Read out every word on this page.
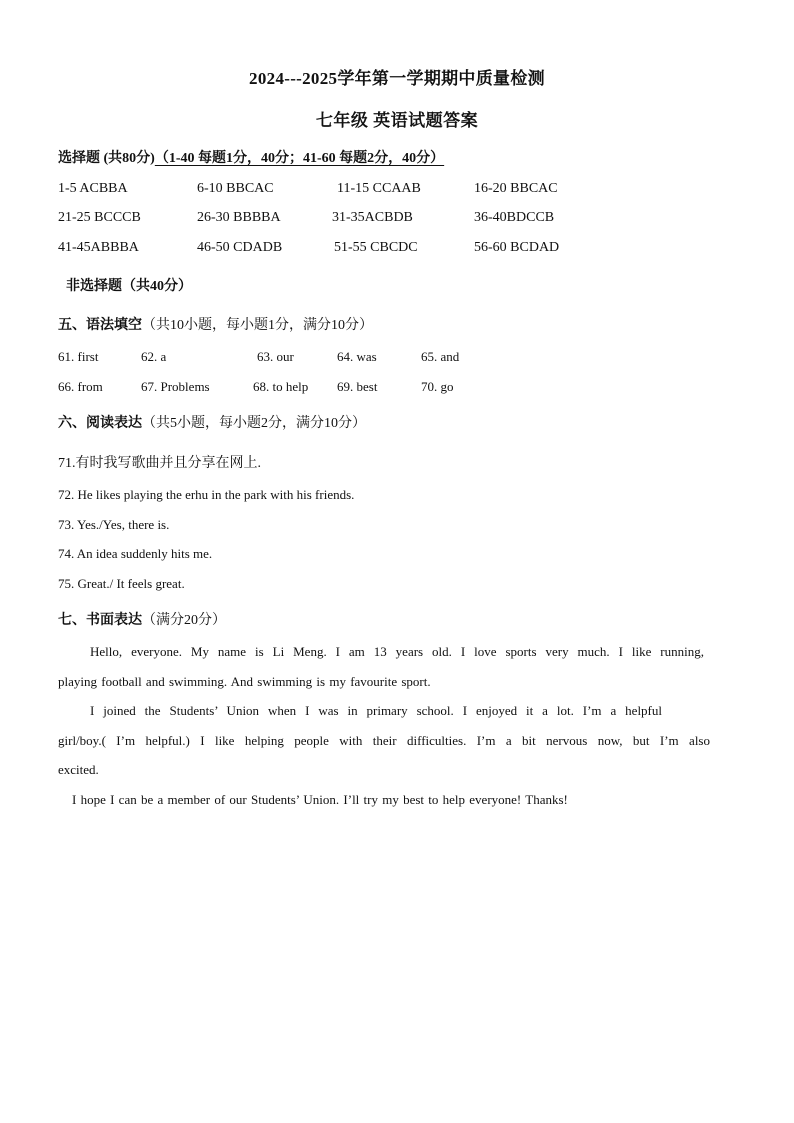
2024---2025学年第一学期期中质量检测
七年级 英语试题答案
选择题 (共80分)（1-40 每题1分，40分；41-60 每题2分，40分）
1-5 ACBBA	6-10 BBCAC	11-15 CCAAB	16-20 BBCAC
21-25 BCCCB	26-30 BBBBA	31-35ACBDB	36-40BDCCB
41-45ABBBA	46-50 CDADB	51-55 CBCDC	56-60 BCDAD
非选择题（共40分）
五、语法填空（共10小题，每小题1分，满分10分）
61. first	62. a	63. our	64. was	65. and
66. from	67. Problems	68. to help 69. best	70. go
六、阅读表达（共5小题，每小题2分，满分10分）
71.有时我写歌曲并且分享在网上.
72. He likes playing the erhu in the park with his friends.
73. Yes./Yes, there is.
74. An idea suddenly hits me.
75. Great./ It feels great.
七、书面表达（满分20分）
Hello, everyone. My name is Li Meng. I am 13 years old. I love sports very much. I like running,
playing football and swimming. And swimming is my favourite sport.
I joined the Students’ Union when I was in primary school. I enjoyed it a lot. I’m a helpful
girl/boy.( I’m helpful.) I like helping people with their difficulties. I’m a bit nervous now, but I’m also
excited.
I hope I can be a member of our Students’ Union. I’ll try my best to help everyone! Thanks!
